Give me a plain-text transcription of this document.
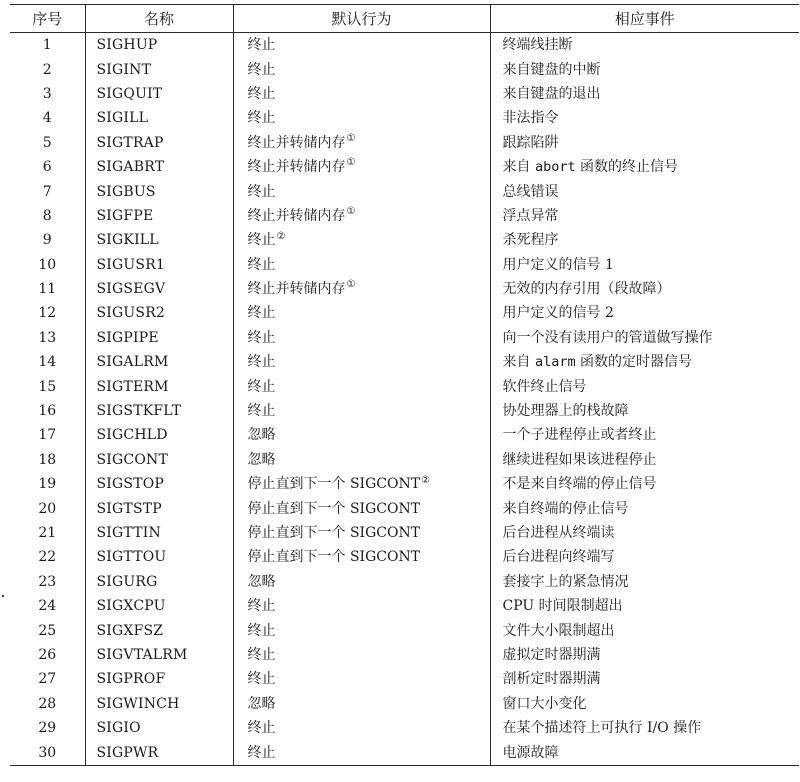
序号	名称	默认行为	相应事件
1	SIGHUP	终止	终端线挂断
2	SIGINT	终止	来自键盘的中断
3	SIGQUIT	终止	来自键盘的退出
4	SIGILL	终止	非法指令
5	SIGTRAP	终止并转储内存①	跟踪陷阱
6	SIGABRT	终止并转储内存①	来自 abort 函数的终止信号
7	SIGBUS	终止	总线错误
8	SIGFPE	终止并转储内存①	浮点异常
9	SIGKILL	终止②	杀死程序
10	SIGUSR1	终止	用户定义的信号 1
11	SIGSEGV	终止并转储内存①	无效的内存引用（段故障）
12	SIGUSR2	终止	用户定义的信号 2
13	SIGPIPE	终止	向一个没有读用户的管道做写操作
14	SIGALRM	终止	来自 alarm 函数的定时器信号
15	SIGTERM	终止	软件终止信号
16	SIGSTKFLT	终止	协处理器上的栈故障
17	SIGCHLD	忽略	一个子进程停止或者终止
18	SIGCONT	忽略	继续进程如果该进程停止
19	SIGSTOP	停止直到下一个 SIGCONT②	不是来自终端的停止信号
20	SIGTSTP	停止直到下一个 SIGCONT	来自终端的停止信号
21	SIGTTIN	停止直到下一个 SIGCONT	后台进程从终端读
22	SIGTTOU	停止直到下一个 SIGCONT	后台进程向终端写
23	SIGURG	忽略	套接字上的紧急情况
24	SIGXCPU	终止	CPU 时间限制超出
25	SIGXFSZ	终止	文件大小限制超出
26	SIGVTALRM	终止	虚拟定时器期满
27	SIGPROF	终止	剖析定时器期满
28	SIGWINCH	忽略	窗口大小变化
29	SIGIO	终止	在某个描述符上可执行 I/O 操作
30	SIGPWR	终止	电源故障
